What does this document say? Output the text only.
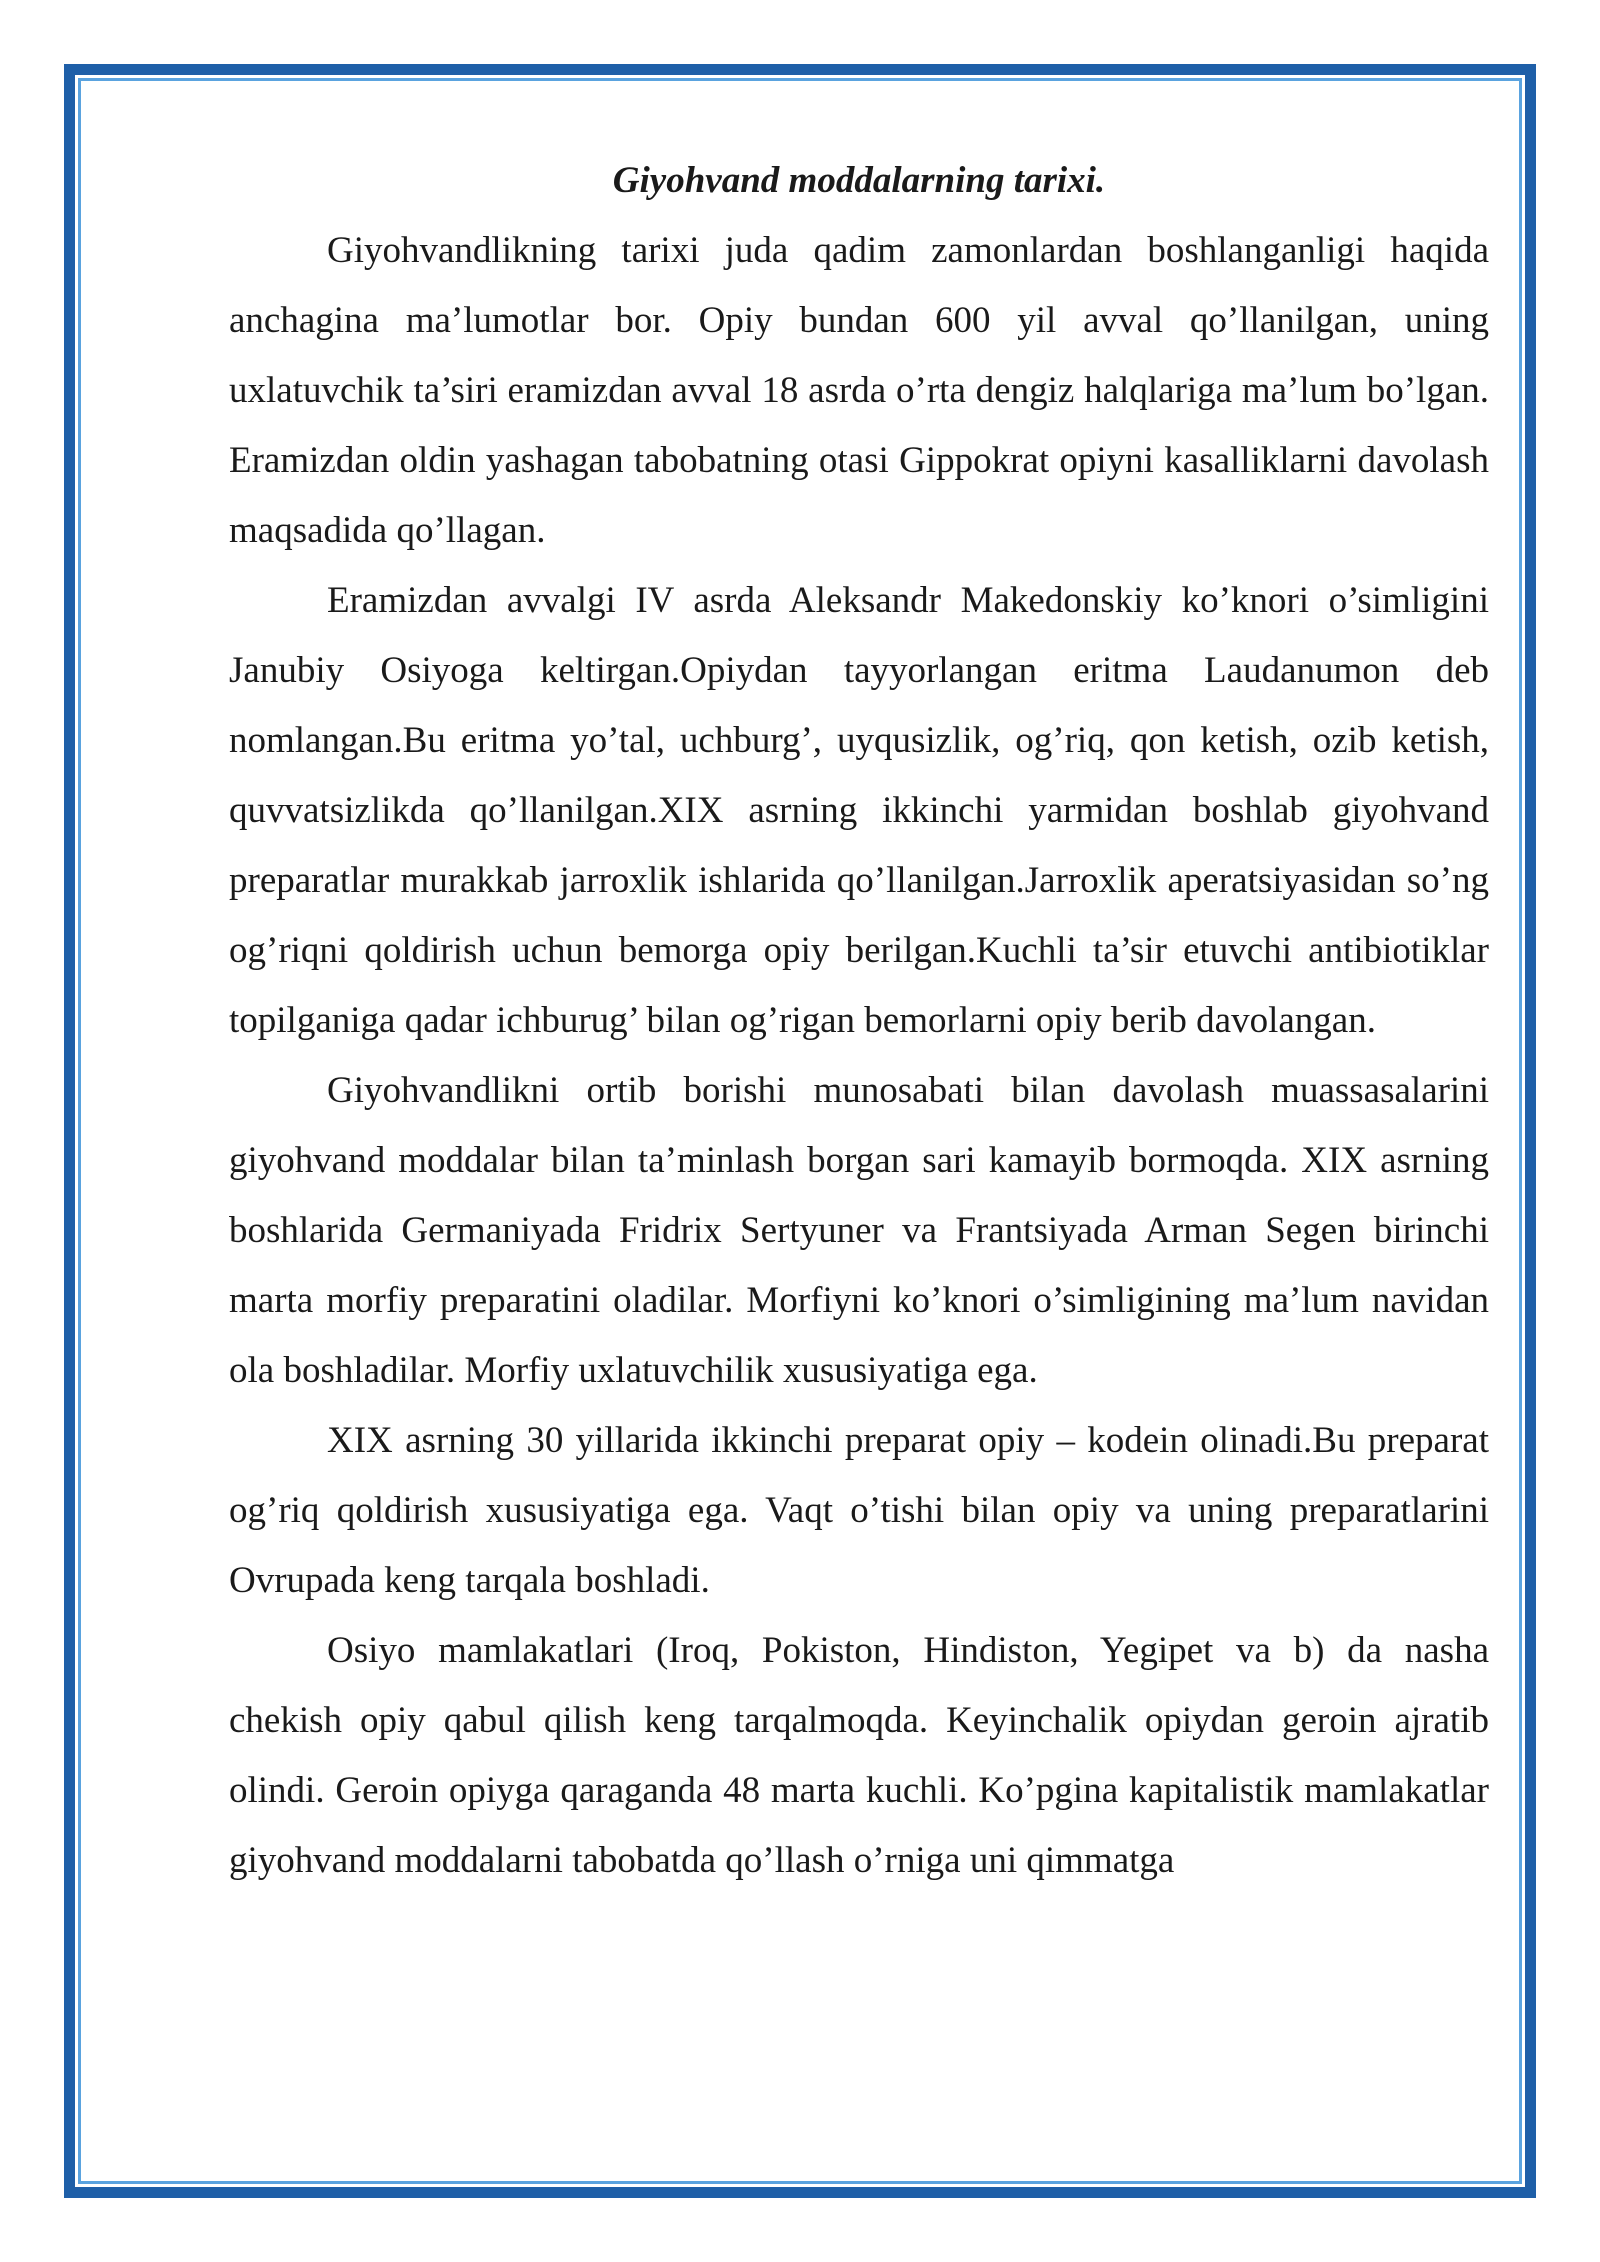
Giyohvand moddalarning tarixi.

Giyohvandlikning tarixi juda qadim zamonlardan boshlanganligi haqida anchagina ma’lumotlar bor. Opiy bundan 600 yil avval qo’llanilgan, uning uxlatuvchik ta’siri eramizdan avval 18 asrda o’rta dengiz halqlariga ma’lum bo’lgan. Eramizdan oldin yashagan tabobatning otasi Gippokrat opiyni kasalliklarni davolash maqsadida qo’llagan.

Eramizdan avvalgi IV asrda Aleksandr Makedonskiy ko’knori o’simligini Janubiy Osiyoga keltirgan.Opiydan tayyorlangan eritma Laudanumon deb nomlangan.Bu eritma yo’tal, uchburg’, uyqusizlik, og’riq, qon ketish, ozib ketish, quvvatsizlikda qo’llanilgan.XIX asrning ikkinchi yarmidan boshlab giyohvand preparatlar murakkab jarroxlik ishlarida qo’llanilgan.Jarroxlik aperatsiyasidan so’ng og’riqni qoldirish uchun bemorga opiy berilgan.Kuchli ta’sir etuvchi antibiotiklar topilganiga qadar ichburug’ bilan og’rigan bemorlarni opiy berib davolangan.

Giyohvandlikni ortib borishi munosabati bilan davolash muassasalarini giyohvand moddalar bilan ta’minlash borgan sari kamayib bormoqda. XIX asrning boshlarida Germaniyada Fridrix Sertyuner va Frantsiyada Arman Segen birinchi marta morfiy preparatini oladilar. Morfiyni ko’knori o’simligining ma’lum navidan ola boshladilar. Morfiy uxlatuvchilik xususiyatiga ega.

XIX asrning 30 yillarida ikkinchi preparat opiy – kodein olinadi.Bu preparat og’riq qoldirish xususiyatiga ega. Vaqt o’tishi bilan opiy va uning preparatlarini Ovrupada keng tarqala boshladi.

Osiyo mamlakatlari (Iroq, Pokiston, Hindiston, Yegipet va b) da nasha chekish opiy qabul qilish keng tarqalmoqda. Keyinchalik opiydan geroin ajratib olindi. Geroin opiyga qaraganda 48 marta kuchli. Ko’pgina kapitalistik mamlakatlar giyohvand moddalarni tabobatda qo’llash o’rniga uni qimmatga
